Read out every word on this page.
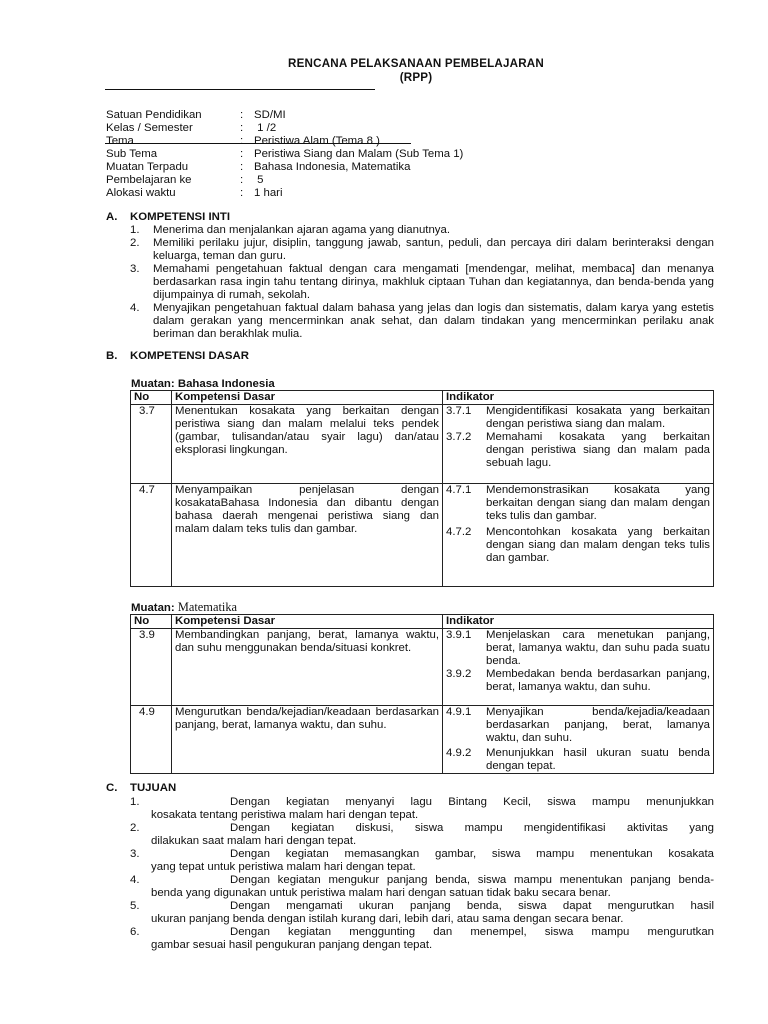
RENCANA PELAKSANAAN PEMBELAJARAN
(RPP)
Satuan Pendidikan	: SD/MI
Kelas / Semester	: 1 /2
Tema	: Peristiwa Alam (Tema 8 )
Sub Tema	: Peristiwa Siang dan Malam (Sub Tema 1)
Muatan Terpadu	: Bahasa Indonesia, Matematika
Pembelajaran ke	: 5
Alokasi waktu	: 1 hari
A. KOMPETENSI INTI
1. Menerima dan menjalankan ajaran agama yang dianutnya.
2. Memiliki perilaku jujur, disiplin, tanggung jawab, santun, peduli, dan percaya diri dalam berinteraksi dengan keluarga, teman dan guru.
3. Memahami pengetahuan faktual dengan cara mengamati [mendengar, melihat, membaca] dan menanya berdasarkan rasa ingin tahu tentang dirinya, makhluk ciptaan Tuhan dan kegiatannya, dan benda-benda yang dijumpainya di rumah, sekolah.
4. Menyajikan pengetahuan faktual dalam bahasa yang jelas dan logis dan sistematis, dalam karya yang estetis dalam gerakan yang mencerminkan anak sehat, dan dalam tindakan yang mencerminkan perilaku anak beriman dan berakhlak mulia.
B. KOMPETENSI DASAR
Muatan: Bahasa Indonesia
No	Kompetensi Dasar	Indikator
3.7	Menentukan kosakata yang berkaitan dengan peristiwa siang dan malam melalui teks pendek (gambar, tulisandan/atau syair lagu) dan/atau eksplorasi lingkungan.	3.7.1 Mengidentifikasi kosakata yang berkaitan dengan peristiwa siang dan malam.
3.7.2 Memahami kosakata yang berkaitan dengan peristiwa siang dan malam pada sebuah lagu.

4.7	Menyampaikan penjelasan dengan kosakataBahasa Indonesia dan dibantu dengan bahasa daerah mengenai peristiwa siang dan malam dalam teks tulis dan gambar.	4.7.1 Mendemonstrasikan kosakata yang berkaitan dengan siang dan malam dengan teks tulis dan gambar.
4.7.2 Mencontohkan kosakata yang berkaitan dengan siang dan malam dengan teks tulis dan gambar.
Muatan: Matematika
No	Kompetensi Dasar	Indikator
3.9	Membandingkan panjang, berat, lamanya waktu, dan suhu menggunakan benda/situasi konkret.	3.9.1 Menjelaskan cara menetukan panjang, berat, lamanya waktu, dan suhu pada suatu benda.
3.9.2 Membedakan benda berdasarkan panjang, berat, lamanya waktu, dan suhu.

4.9	Mengurutkan benda/kejadian/keadaan berdasarkan panjang, berat, lamanya waktu, dan suhu.	4.9.1 Menyajikan benda/kejadia/keadaan berdasarkan panjang, berat, lamanya waktu, dan suhu.
4.9.2 Menunjukkan hasil ukuran suatu benda dengan tepat.
C. TUJUAN
1.	Dengan kegiatan menyanyi lagu Bintang Kecil, siswa mampu menunjukkan
kosakata tentang peristiwa malam hari dengan tepat.
2.	Dengan kegiatan diskusi, siswa mampu mengidentifikasi aktivitas yang
dilakukan saat malam hari dengan tepat.
3.	Dengan kegiatan memasangkan gambar, siswa mampu menentukan kosakata
yang tepat untuk peristiwa malam hari dengan tepat.
4.	Dengan kegiatan mengukur panjang benda, siswa mampu menentukan panjang benda-
benda yang digunakan untuk peristiwa malam hari dengan satuan tidak baku secara benar.
5.	Dengan mengamati ukuran panjang benda, siswa dapat mengurutkan hasil
ukuran panjang benda dengan istilah kurang dari, lebih dari, atau sama dengan secara benar.
6.	Dengan kegiatan menggunting dan menempel, siswa mampu mengurutkan
gambar sesuai hasil pengukuran panjang dengan tepat.
